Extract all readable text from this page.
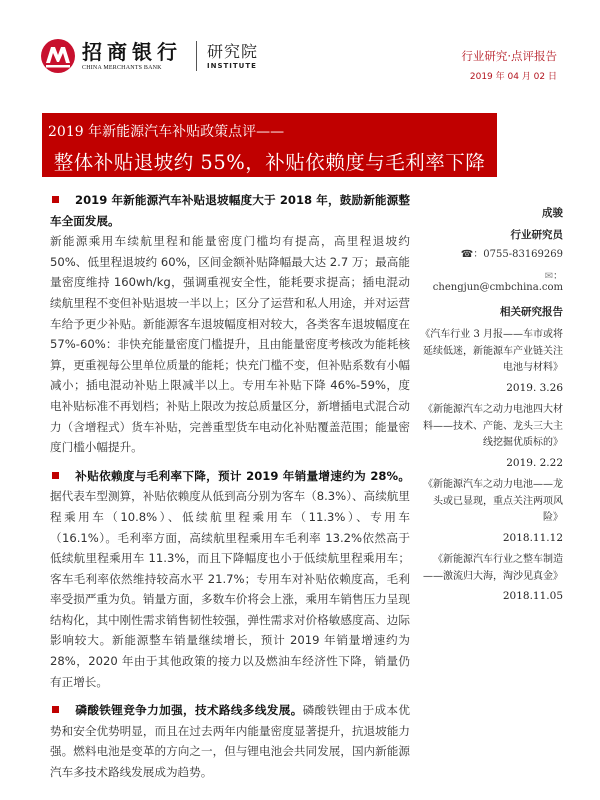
招商银行
CHINA MERCHANTS BANK
研究院
INSTITUTE
行业研究·点评报告
2019 年 04 月 02 日
2019 年新能源汽车补贴政策点评——
整体补贴退坡约 55%，补贴依赖度与毛利率下降
2019 年新能源汽车补贴退坡幅度大于 2018 年，鼓励新能源整车全面发展。
新能源乘用车续航里程和能量密度门槛均有提高，高里程退坡约 50%、低里程退坡约 60%，区间金额补贴降幅最大达 2.7 万；最高能量密度维持 160wh/kg，强调重视安全性，能耗要求提高；插电混动续航里程不变但补贴退坡一半以上；区分了运营和私人用途，并对运营车给予更少补贴。新能源客车退坡幅度相对较大，各类客车退坡幅度在 57%-60%：非快充能量密度门槛提升，且由能量密度考核改为能耗核算，更重视每公里单位质量的能耗；快充门槛不变，但补贴系数有小幅减小；插电混动补贴上限减半以上。专用车补贴下降 46%-59%，度电补贴标准不再划档；补贴上限改为按总质量区分，新增插电式混合动力（含增程式）货车补贴，完善重型货车电动化补贴覆盖范围；能量密度门槛小幅提升。
补贴依赖度与毛利率下降，预计 2019 年销量增速约为 28%。据代表车型测算，补贴依赖度从低到高分别为客车（8.3%）、高续航里程乘用车（10.8%）、低续航里程乘用车（11.3%）、专用车（16.1%）。毛利率方面，高续航里程乘用车毛利率 13.2%依然高于低续航里程乘用车 11.3%，而且下降幅度也小于低续航里程乘用车；客车毛利率依然维持较高水平 21.7%；专用车对补贴依赖度高，毛利率受损严重为负。销量方面，多数车价将会上涨，乘用车销售压力呈现结构化，其中刚性需求销售韧性较强，弹性需求对价格敏感度高、边际影响较大。新能源整车销量继续增长，预计 2019 年销量增速约为 28%，2020 年由于其他政策的接力以及燃油车经济性下降，销量仍有正增长。
磷酸铁锂竞争力加强，技术路线多线发展。磷酸铁锂由于成本优势和安全优势明显，而且在过去两年内能量密度显著提升，抗退坡能力强。燃料电池是变革的方向之一，但与锂电池会共同发展，国内新能源汽车多技术路线发展成为趋势。
成骏
行业研究员
☎：0755-83169269
✉：chengjun@cmbchina.com
相关研究报告
《汽车行业 3 月报——车市或将延续低迷，新能源车产业链关注电池与材料》
2019. 3.26
《新能源汽车之动力电池四大材料——技术、产能、龙头三大主线挖掘优质标的》
2019. 2.22
《新能源汽车之动力电池——龙头或已显现，重点关注两项风险》
2018.11.12
《新能源汽车行业之整车制造——激流归大海，淘沙见真金》
2018.11.05
